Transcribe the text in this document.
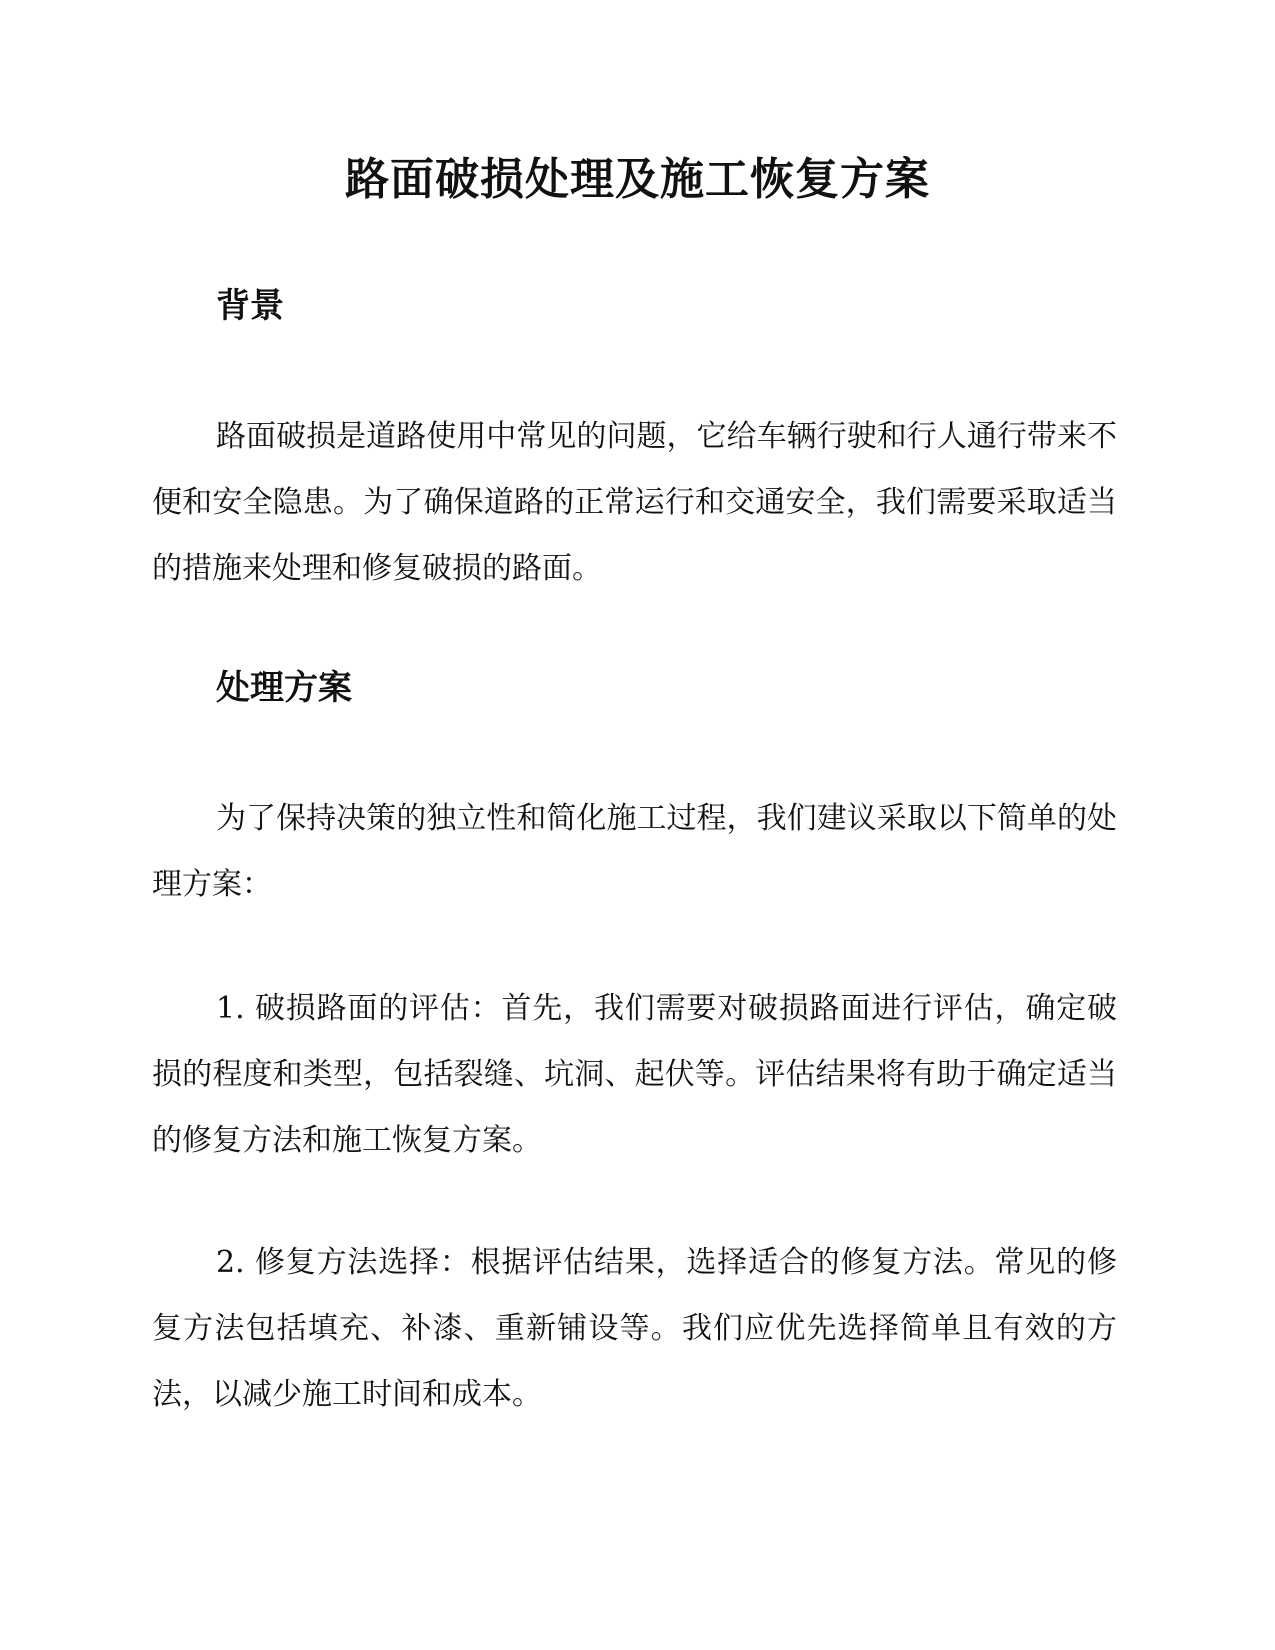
路面破损处理及施工恢复方案
背景

路面破损是道路使用中常见的问题，它给车辆行驶和行人通行带来不便和安全隐患。为了确保道路的正常运行和交通安全，我们需要采取适当的措施来处理和修复破损的路面。

处理方案

为了保持决策的独立性和简化施工过程，我们建议采取以下简单的处理方案：

1. 破损路面的评估：首先，我们需要对破损路面进行评估，确定破损的程度和类型，包括裂缝、坑洞、起伏等。评估结果将有助于确定适当的修复方法和施工恢复方案。

2. 修复方法选择：根据评估结果，选择适合的修复方法。常见的修复方法包括填充、补漆、重新铺设等。我们应优先选择简单且有效的方法，以减少施工时间和成本。
